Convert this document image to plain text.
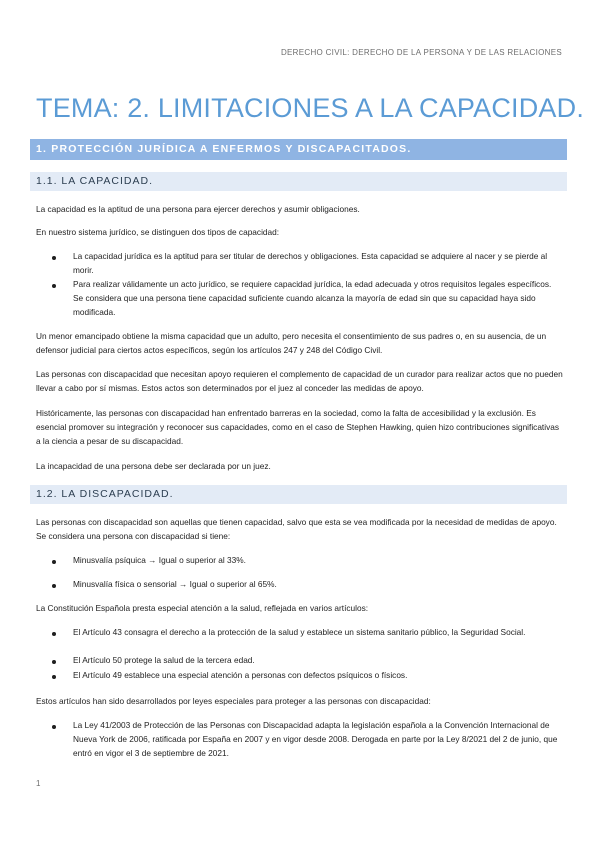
DERECHO CIVIL: DERECHO DE LA PERSONA Y DE LAS RELACIONES
TEMA: 2. LIMITACIONES A LA CAPACIDAD.
1. PROTECCIÓN JURÍDICA A ENFERMOS Y DISCAPACITADOS.
1.1. LA CAPACIDAD.

La capacidad es la aptitud de una persona para ejercer derechos y asumir obligaciones.

En nuestro sistema jurídico, se distinguen dos tipos de capacidad:

La capacidad jurídica es la aptitud para ser titular de derechos y obligaciones. Esta capacidad se adquiere al nacer y se pierde al morir.

Para realizar válidamente un acto jurídico, se requiere capacidad jurídica, la edad adecuada y otros requisitos legales específicos. Se considera que una persona tiene capacidad suficiente cuando alcanza la mayoría de edad sin que su capacidad haya sido modificada.

Un menor emancipado obtiene la misma capacidad que un adulto, pero necesita el consentimiento de sus padres o, en su ausencia, de un defensor judicial para ciertos actos específicos, según los artículos 247 y 248 del Código Civil.

Las personas con discapacidad que necesitan apoyo requieren el complemento de capacidad de un curador para realizar actos que no pueden llevar a cabo por sí mismas. Estos actos son determinados por el juez al conceder las medidas de apoyo.

Históricamente, las personas con discapacidad han enfrentado barreras en la sociedad, como la falta de accesibilidad y la exclusión. Es esencial promover su integración y reconocer sus capacidades, como en el caso de Stephen Hawking, quien hizo contribuciones significativas a la ciencia a pesar de su discapacidad.

La incapacidad de una persona debe ser declarada por un juez.

1.2. LA DISCAPACIDAD.

Las personas con discapacidad son aquellas que tienen capacidad, salvo que esta se vea modificada por la necesidad de medidas de apoyo. Se considera una persona con discapacidad si tiene:

Minusvalía psíquica → Igual o superior al 33%.

Minusvalía física o sensorial → Igual o superior al 65%.

La Constitución Española presta especial atención a la salud, reflejada en varios artículos:

El Artículo 43 consagra el derecho a la protección de la salud y establece un sistema sanitario público, la Seguridad Social.

El Artículo 50 protege la salud de la tercera edad.

El Artículo 49 establece una especial atención a personas con defectos psíquicos o físicos.

Estos artículos han sido desarrollados por leyes especiales para proteger a las personas con discapacidad:

La Ley 41/2003 de Protección de las Personas con Discapacidad adapta la legislación española a la Convención Internacional de Nueva York de 2006, ratificada por España en 2007 y en vigor desde 2008. Derogada en parte por la Ley 8/2021 del 2 de junio, que entró en vigor el 3 de septiembre de 2021.

1
